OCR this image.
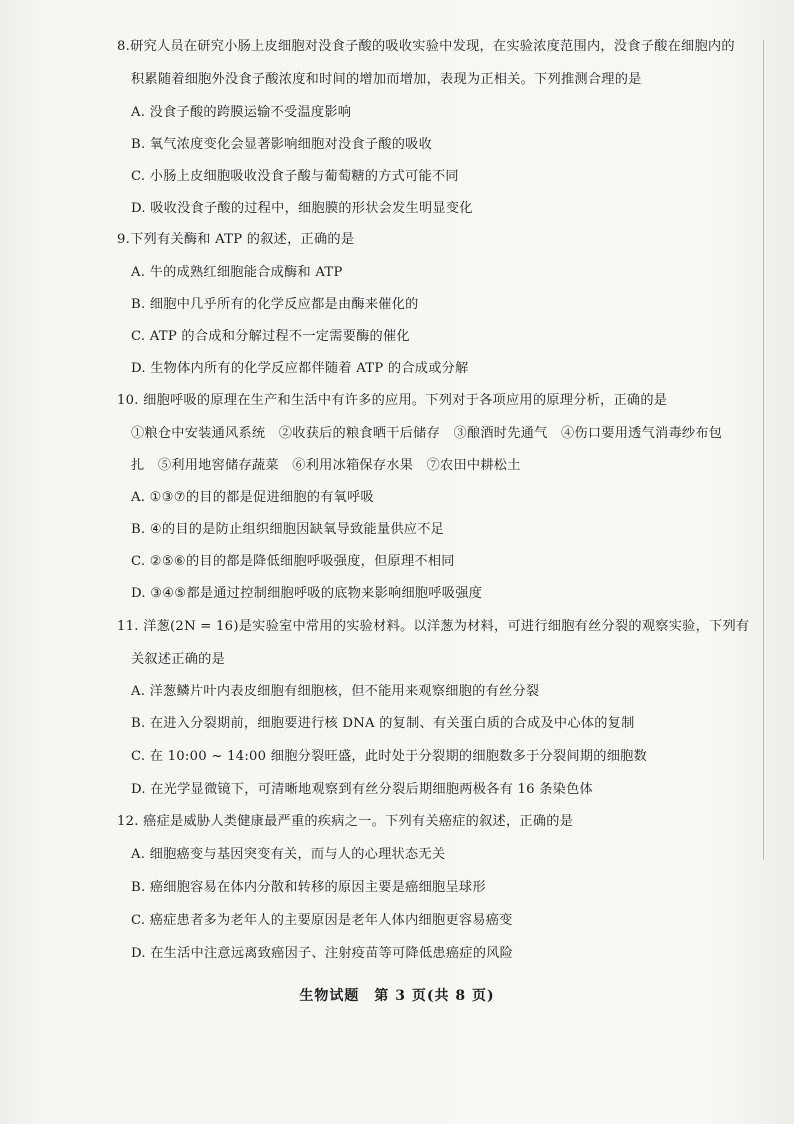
8.研究人员在研究小肠上皮细胞对没食子酸的吸收实验中发现，在实验浓度范围内，没食子酸在细胞内的
积累随着细胞外没食子酸浓度和时间的增加而增加，表现为正相关。下列推测合理的是
A. 没食子酸的跨膜运输不受温度影响
B. 氧气浓度变化会显著影响细胞对没食子酸的吸收
C. 小肠上皮细胞吸收没食子酸与葡萄糖的方式可能不同
D. 吸收没食子酸的过程中，细胞膜的形状会发生明显变化
9.下列有关酶和 ATP 的叙述，正确的是
A. 牛的成熟红细胞能合成酶和 ATP
B. 细胞中几乎所有的化学反应都是由酶来催化的
C. ATP 的合成和分解过程不一定需要酶的催化
D. 生物体内所有的化学反应都伴随着 ATP 的合成或分解
10. 细胞呼吸的原理在生产和生活中有许多的应用。下列对于各项应用的原理分析，正确的是
①粮仓中安装通风系统　②收获后的粮食晒干后储存　③酿酒时先通气　④伤口要用透气消毒纱布包
扎　⑤利用地窖储存蔬菜　⑥利用冰箱保存水果　⑦农田中耕松土
A. ①③⑦的目的都是促进细胞的有氧呼吸
B. ④的目的是防止组织细胞因缺氧导致能量供应不足
C. ②⑤⑥的目的都是降低细胞呼吸强度，但原理不相同
D. ③④⑤都是通过控制细胞呼吸的底物来影响细胞呼吸强度
11. 洋葱(2N = 16)是实验室中常用的实验材料。以洋葱为材料，可进行细胞有丝分裂的观察实验，下列有
关叙述正确的是
A. 洋葱鳞片叶内表皮细胞有细胞核，但不能用来观察细胞的有丝分裂
B. 在进入分裂期前，细胞要进行核 DNA 的复制、有关蛋白质的合成及中心体的复制
C. 在 10:00 ~ 14:00 细胞分裂旺盛，此时处于分裂期的细胞数多于分裂间期的细胞数
D. 在光学显微镜下，可清晰地观察到有丝分裂后期细胞两极各有 16 条染色体
12. 癌症是威胁人类健康最严重的疾病之一。下列有关癌症的叙述，正确的是
A. 细胞癌变与基因突变有关，而与人的心理状态无关
B. 癌细胞容易在体内分散和转移的原因主要是癌细胞呈球形
C. 癌症患者多为老年人的主要原因是老年人体内细胞更容易癌变
D. 在生活中注意远离致癌因子、注射疫苗等可降低患癌症的风险
生物试题　第 3 页(共 8 页)
